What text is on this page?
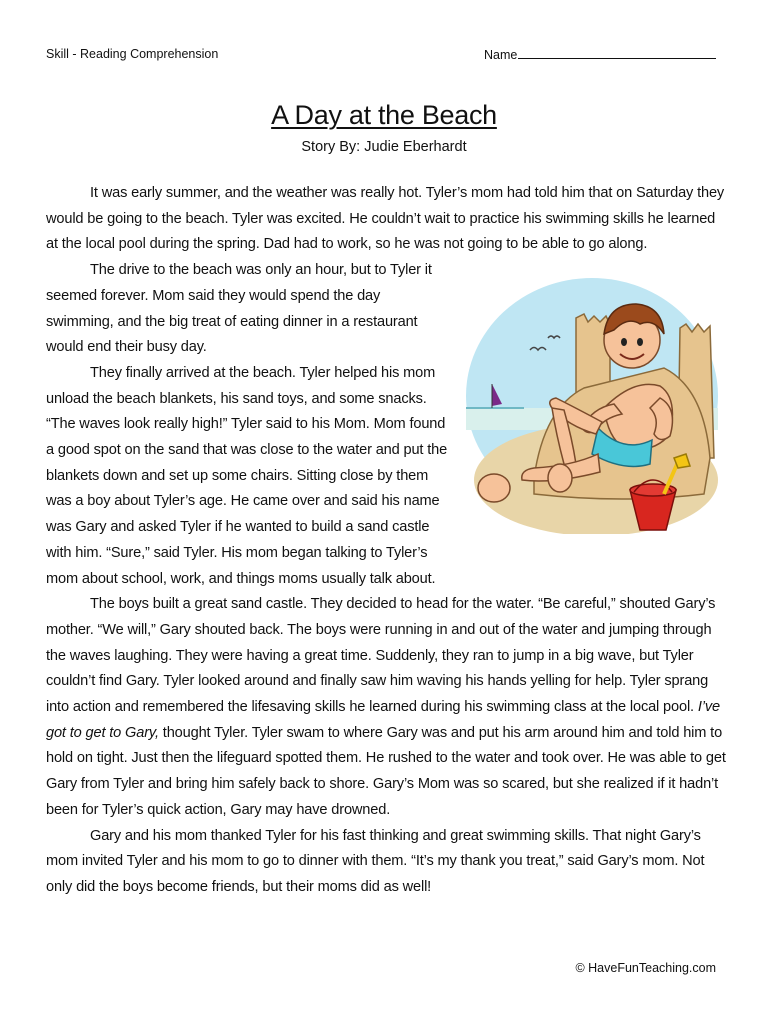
Skill - Reading Comprehension	Name
A Day at the Beach
Story By: Judie Eberhardt

It was early summer, and the weather was really hot. Tyler’s mom had told him that on Saturday they would be going to the beach. Tyler was excited. He couldn’t wait to practice his swimming skills he learned at the local pool during the spring. Dad had to work, so he was not going to be able to go along.

The drive to the beach was only an hour, but to Tyler it seemed forever. Mom said they would spend the day swimming, and the big treat of eating dinner in a restaurant would end their busy day.

They finally arrived at the beach. Tyler helped his mom unload the beach blankets, his sand toys, and some snacks. “The waves look really high!” Tyler said to his Mom. Mom found a good spot on the sand that was close to the water and put the blankets down and set up some chairs. Sitting close by them was a boy about Tyler’s age. He came over and said his name was Gary and asked Tyler if he wanted to build a sand castle with him. “Sure,” said Tyler. His mom began talking to Tyler’s mom about school, work, and things moms usually talk about.

The boys built a great sand castle. They decided to head for the water. “Be careful,” shouted Gary’s mother. “We will,” Gary shouted back. The boys were running in and out of the water and jumping through the waves laughing. They were having a great time. Suddenly, they ran to jump in a big wave, but Tyler couldn’t find Gary. Tyler looked around and finally saw him waving his hands yelling for help. Tyler sprang into action and remembered the lifesaving skills he learned during his swimming class at the local pool. I’ve got to get to Gary, thought Tyler. Tyler swam to where Gary was and put his arm around him and told him to hold on tight. Just then the lifeguard spotted them. He rushed to the water and took over. He was able to get Gary from Tyler and bring him safely back to shore. Gary’s Mom was so scared, but she realized if it hadn’t been for Tyler’s quick action, Gary may have drowned.

Gary and his mom thanked Tyler for his fast thinking and great swimming skills. That night Gary’s mom invited Tyler and his mom to go to dinner with them. “It’s my thank you treat,” said Gary’s mom. Not only did the boys become friends, but their moms did as well!

© HaveFunTeaching.com
